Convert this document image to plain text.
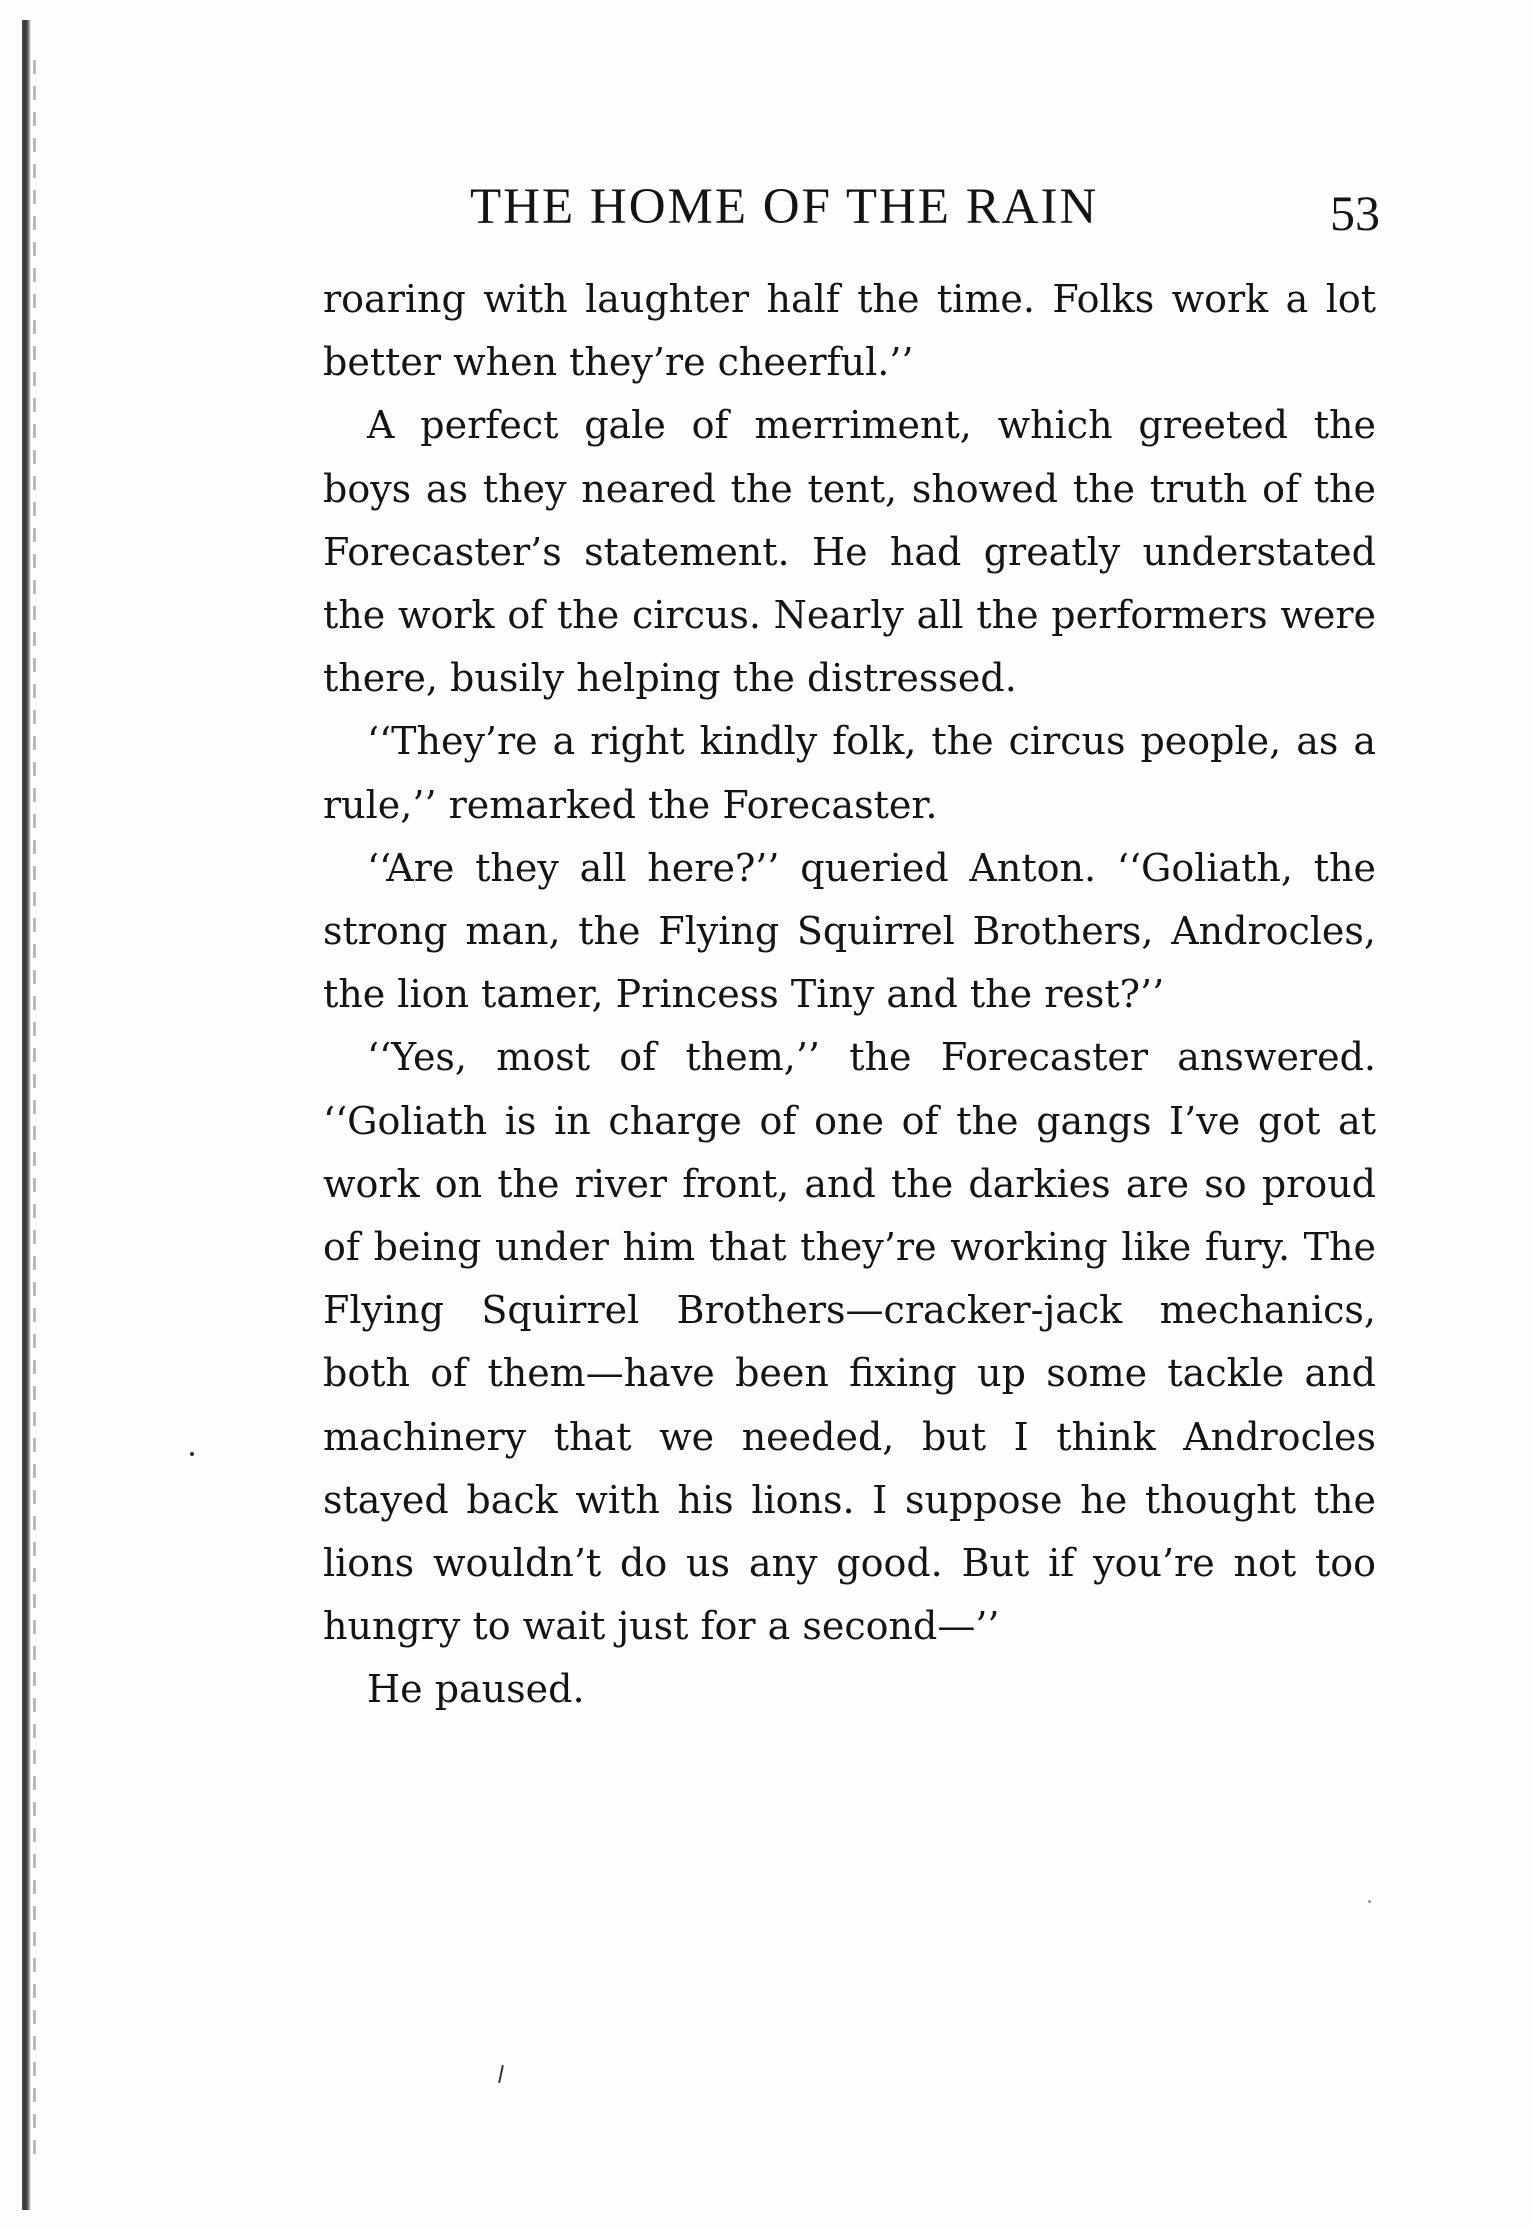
THE HOME OF THE RAIN	53

roaring with laughter half the time. Folks work a lot better when they’re cheerful.’’

A perfect gale of merriment, which greeted the boys as they neared the tent, showed the truth of the Forecaster’s statement. He had greatly understated the work of the circus. Nearly all the performers were there, busily helping the distressed.

‘‘They’re a right kindly folk, the circus people, as a rule,’’ remarked the Forecaster.

‘‘Are they all here?’’ queried Anton. ‘‘Goliath, the strong man, the Flying Squirrel Brothers, Androcles, the lion tamer, Princess Tiny and the rest?’’

‘‘Yes, most of them,’’ the Forecaster answered. ‘‘Goliath is in charge of one of the gangs I’ve got at work on the river front, and the darkies are so proud of being under him that they’re working like fury. The Flying Squirrel Brothers—cracker-jack mechanics, both of them—have been fixing up some tackle and machinery that we needed, but I think Androcles stayed back with his lions. I suppose he thought the lions wouldn’t do us any good. But if you’re not too hungry to wait just for a second—’’

He paused.
